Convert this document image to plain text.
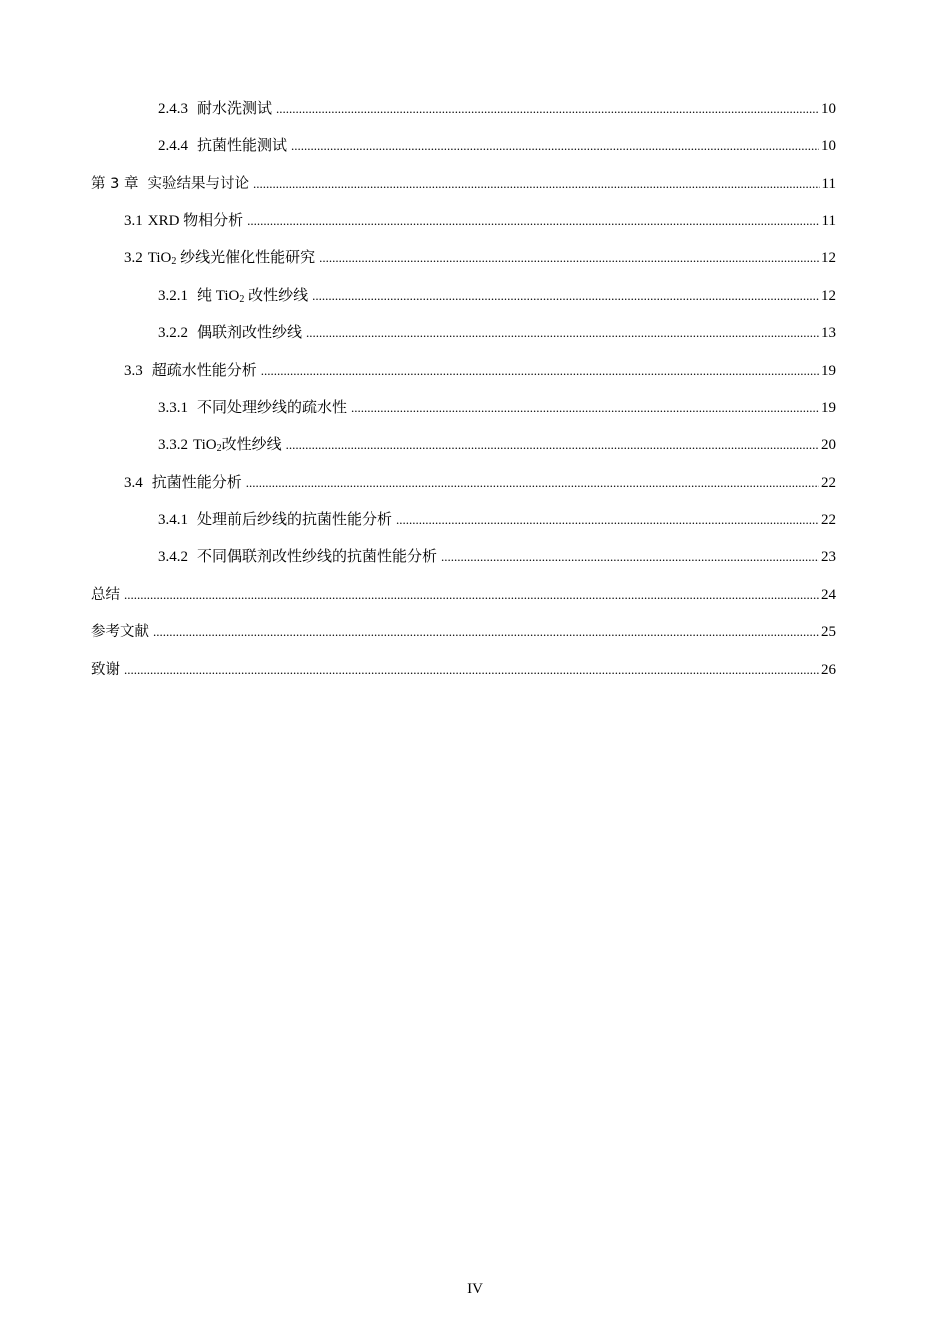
2.4.3 耐水洗测试 .....	10
2.4.4 抗菌性能测试 .....	10
第 3 章 实验结果与讨论 .....	11
3.1 XRD 物相分析 .....	11
3.2 TiO$_2$ 纱线光催化性能研究 .....	12
3.2.1 纯 TiO$_2$ 改性纱线 .....	12
3.2.2 偶联剂改性纱线 .....	13
3.3 超疏水性能分析 .....	19
3.3.1 不同处理纱线的疏水性 .....	19
3.3.2 TiO$_2$改性纱线 .....	20
3.4 抗菌性能分析 .....	22
3.4.1 处理前后纱线的抗菌性能分析 .....	22
3.4.2 不同偶联剂改性纱线的抗菌性能分析 .....	23
总结 .....	24
参考文献 .....	25
致谢 .....	26
IV
